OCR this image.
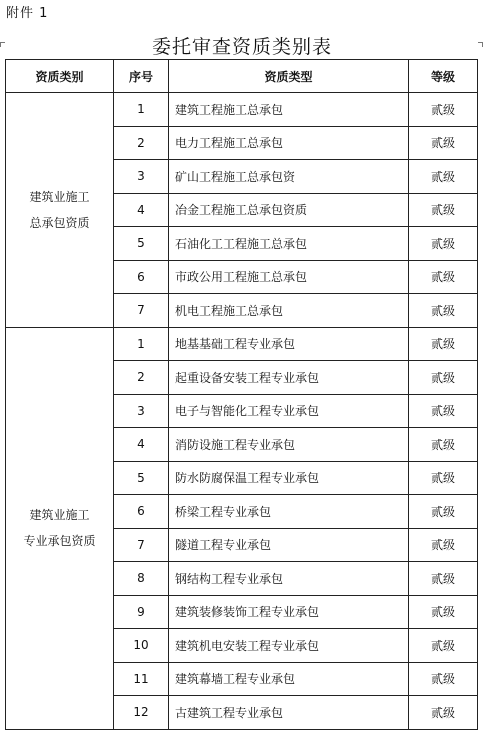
附件 1
委托审查资质类别表
资质类别	序号	资质类型	等级

建筑业施工
总承包资质	1	建筑工程施工总承包	贰级
	2	电力工程施工总承包	贰级
	3	矿山工程施工总承包资	贰级
	4	冶金工程施工总承包资质	贰级
	5	石油化工工程施工总承包	贰级
	6	市政公用工程施工总承包	贰级
	7	机电工程施工总承包	贰级

建筑业施工
专业承包资质	1	地基基础工程专业承包	贰级
	2	起重设备安装工程专业承包	贰级
	3	电子与智能化工程专业承包	贰级
	4	消防设施工程专业承包	贰级
	5	防水防腐保温工程专业承包	贰级
	6	桥梁工程专业承包	贰级
	7	隧道工程专业承包	贰级
	8	钢结构工程专业承包	贰级
	9	建筑装修装饰工程专业承包	贰级
	10	建筑机电安装工程专业承包	贰级
	11	建筑幕墙工程专业承包	贰级
	12	古建筑工程专业承包	贰级
